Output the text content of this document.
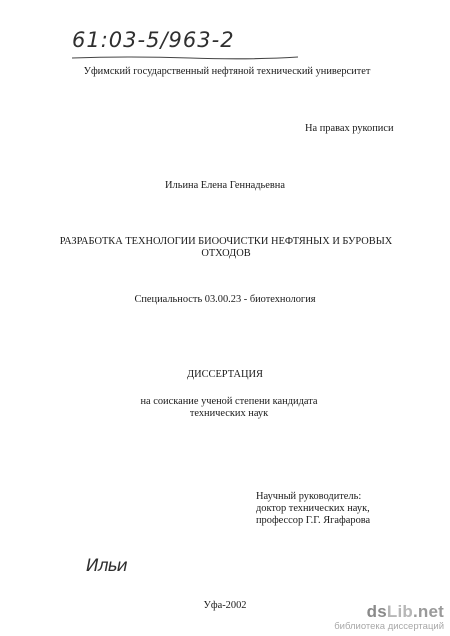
61:03-5/963-2
Уфимский государственный нефтяной технический университет
На правах рукописи
Ильина Елена Геннадьевна
РАЗРАБОТКА ТЕХНОЛОГИИ БИООЧИСТКИ НЕФТЯНЫХ И БУРОВЫХ
ОТХОДОВ
Специальность 03.00.23 - биотехнология
ДИССЕРТАЦИЯ
на соискание ученой степени кандидата
технических наук
Научный руководитель:
доктор технических наук,
профессор Г.Г. Ягафарова
Ильи
Уфа-2002	dsLib.net
библиотека диссертаций
